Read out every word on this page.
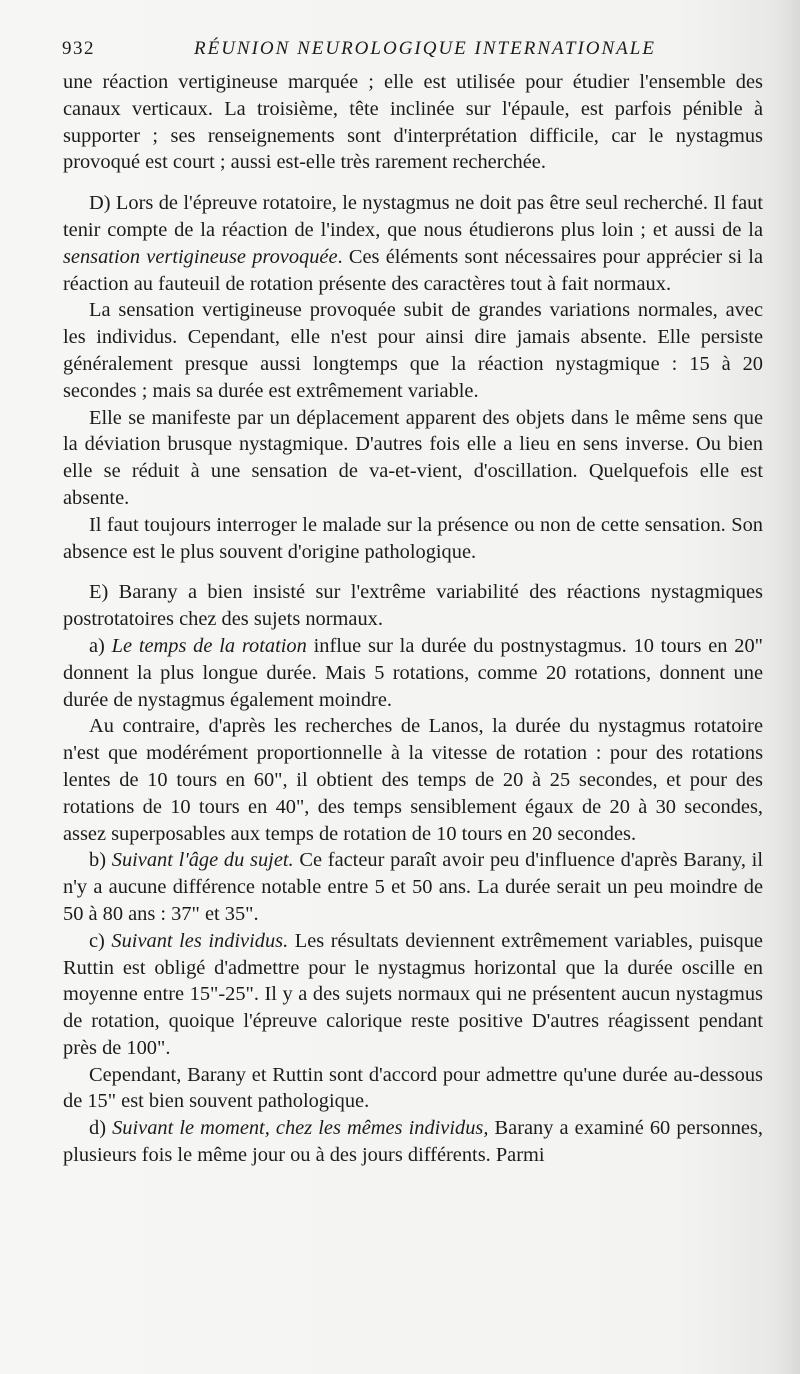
932	RÉUNION NEUROLOGIQUE INTERNATIONALE

une réaction vertigineuse marquée ; elle est utilisée pour étudier l'ensemble des canaux verticaux. La troisième, tête inclinée sur l'épaule, est parfois pénible à supporter ; ses renseignements sont d'interprétation difficile, car le nystagmus provoqué est court ; aussi est-elle très rarement recherchée.

D) Lors de l'épreuve rotatoire, le nystagmus ne doit pas être seul recherché. Il faut tenir compte de la réaction de l'index, que nous étudierons plus loin ; et aussi de la sensation vertigineuse provoquée. Ces éléments sont nécessaires pour apprécier si la réaction au fauteuil de rotation présente des caractères tout à fait normaux.

La sensation vertigineuse provoquée subit de grandes variations normales, avec les individus. Cependant, elle n'est pour ainsi dire jamais absente. Elle persiste généralement presque aussi longtemps que la réaction nystagmique : 15 à 20 secondes ; mais sa durée est extrêmement variable.

Elle se manifeste par un déplacement apparent des objets dans le même sens que la déviation brusque nystagmique. D'autres fois elle a lieu en sens inverse. Ou bien elle se réduit à une sensation de va-et-vient, d'oscillation. Quelquefois elle est absente.

Il faut toujours interroger le malade sur la présence ou non de cette sensation. Son absence est le plus souvent d'origine pathologique.

E) Barany a bien insisté sur l'extrême variabilité des réactions nystagmiques postrotatoires chez des sujets normaux.

a) Le temps de la rotation influe sur la durée du postnystagmus. 10 tours en 20" donnent la plus longue durée. Mais 5 rotations, comme 20 rotations, donnent une durée de nystagmus également moindre.

Au contraire, d'après les recherches de Lanos, la durée du nystagmus rotatoire n'est que modérément proportionnelle à la vitesse de rotation : pour des rotations lentes de 10 tours en 60", il obtient des temps de 20 à 25 secondes, et pour des rotations de 10 tours en 40", des temps sensiblement égaux de 20 à 30 secondes, assez superposables aux temps de rotation de 10 tours en 20 secondes.

b) Suivant l'âge du sujet. Ce facteur paraît avoir peu d'influence d'après Barany, il n'y a aucune différence notable entre 5 et 50 ans. La durée serait un peu moindre de 50 à 80 ans : 37" et 35".

c) Suivant les individus. Les résultats deviennent extrêmement variables, puisque Ruttin est obligé d'admettre pour le nystagmus horizontal que la durée oscille en moyenne entre 15"-25". Il y a des sujets normaux qui ne présentent aucun nystagmus de rotation, quoique l'épreuve calorique reste positive D'autres réagissent pendant près de 100".

Cependant, Barany et Ruttin sont d'accord pour admettre qu'une durée au-dessous de 15" est bien souvent pathologique.

d) Suivant le moment, chez les mêmes individus, Barany a examiné 60 personnes, plusieurs fois le même jour ou à des jours différents. Parmi
